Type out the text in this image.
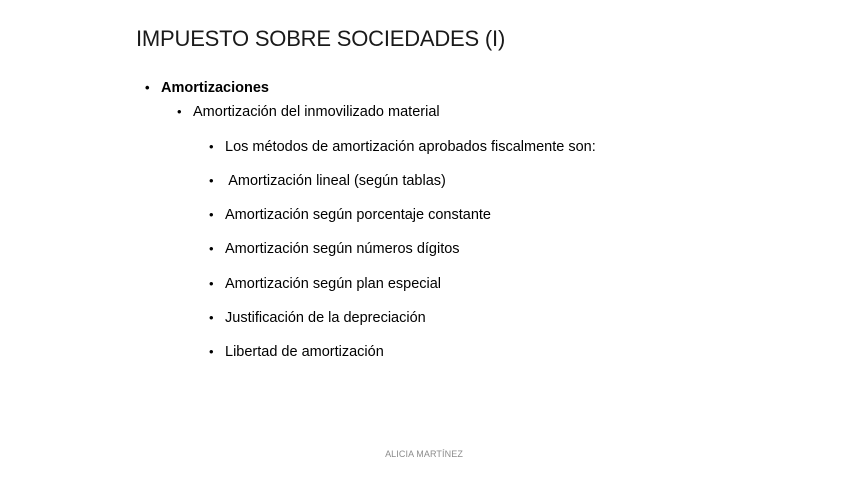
IMPUESTO SOBRE SOCIEDADES (I)
• Amortizaciones
• Amortización del inmovilizado material
• Los métodos de amortización aprobados fiscalmente son:
• Amortización lineal (según tablas)
• Amortización según porcentaje constante
• Amortización según números dígitos
• Amortización según plan especial
• Justificación de la depreciación
• Libertad de amortización
ALICIA MARTÍNEZ
